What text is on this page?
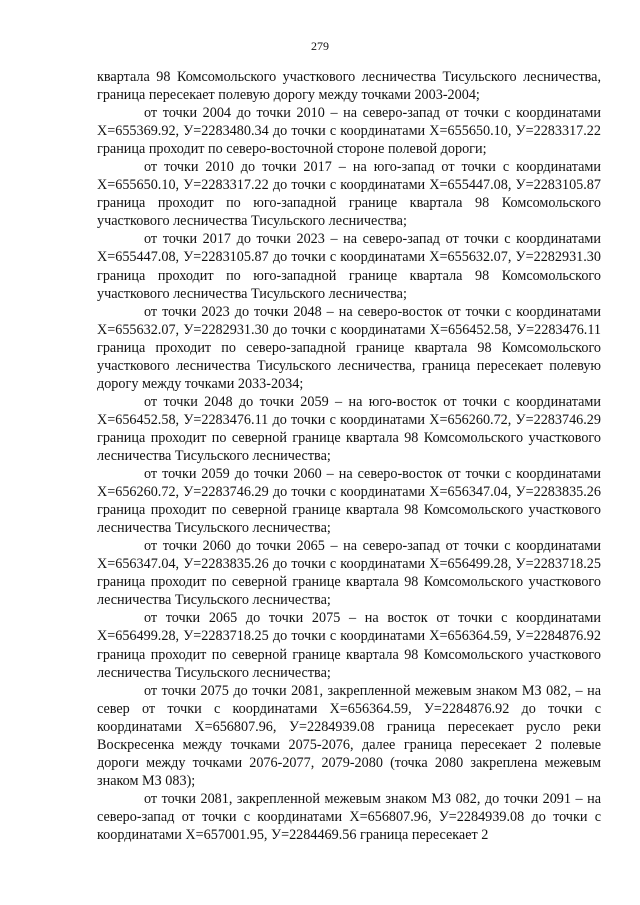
279

квартала 98 Комсомольского участкового лесничества Тисульского лесничества, граница пересекает полевую дорогу между точками 2003-2004;

от точки 2004 до точки 2010 – на северо-запад от точки с координатами Х=655369.92, У=2283480.34 до точки с координатами Х=655650.10, У=2283317.22 граница проходит по северо-восточной стороне полевой дороги;

от точки 2010 до точки 2017 – на юго-запад от точки с координатами Х=655650.10, У=2283317.22 до точки с координатами Х=655447.08, У=2283105.87 граница проходит по юго-западной границе квартала 98 Комсомольского участкового лесничества Тисульского лесничества;

от точки 2017 до точки 2023 – на северо-запад от точки с координатами Х=655447.08, У=2283105.87 до точки с координатами Х=655632.07, У=2282931.30 граница проходит по юго-западной границе квартала 98 Комсомольского участкового лесничества Тисульского лесничества;

от точки 2023 до точки 2048 – на северо-восток от точки с координатами Х=655632.07, У=2282931.30 до точки с координатами Х=656452.58, У=2283476.11 граница проходит по северо-западной границе квартала 98 Комсомольского участкового лесничества Тисульского лесничества, граница пересекает полевую дорогу между точками 2033-2034;

от точки 2048 до точки 2059 – на юго-восток от точки с координатами Х=656452.58, У=2283476.11 до точки с координатами Х=656260.72, У=2283746.29 граница проходит по северной границе квартала 98 Комсомольского участкового лесничества Тисульского лесничества;

от точки 2059 до точки 2060 – на северо-восток от точки с координатами Х=656260.72, У=2283746.29 до точки с координатами Х=656347.04, У=2283835.26 граница проходит по северной границе квартала 98 Комсомольского участкового лесничества Тисульского лесничества;

от точки 2060 до точки 2065 – на северо-запад от точки с координатами Х=656347.04, У=2283835.26 до точки с координатами Х=656499.28, У=2283718.25 граница проходит по северной границе квартала 98 Комсомольского участкового лесничества Тисульского лесничества;

от точки 2065 до точки 2075 – на восток от точки с координатами Х=656499.28, У=2283718.25 до точки с координатами Х=656364.59, У=2284876.92 граница проходит по северной границе квартала 98 Комсомольского участкового лесничества Тисульского лесничества;

от точки 2075 до точки 2081, закрепленной межевым знаком МЗ 082, – на север от точки с координатами Х=656364.59, У=2284876.92 до точки с координатами Х=656807.96, У=2284939.08 граница пересекает русло реки Воскресенка между точками 2075-2076, далее граница пересекает 2 полевые дороги между точками 2076-2077, 2079-2080 (точка 2080 закреплена межевым знаком МЗ 083);

от точки 2081, закрепленной межевым знаком МЗ 082, до точки 2091 – на северо-запад от точки с координатами Х=656807.96, У=2284939.08 до точки с координатами Х=657001.95, У=2284469.56 граница пересекает 2
